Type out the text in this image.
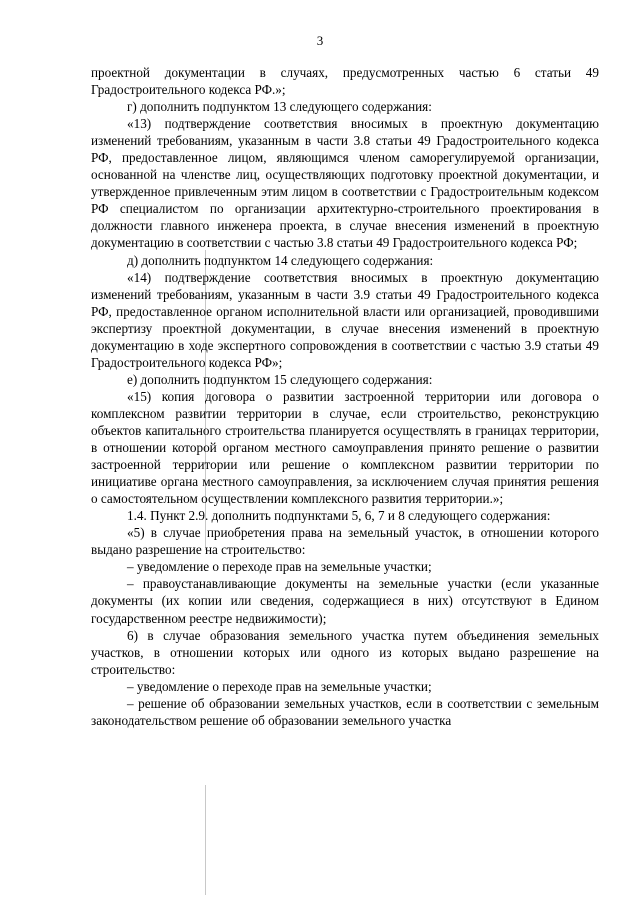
3

проектной документации в случаях, предусмотренных частью 6 статьи 49 Градостроительного кодекса РФ.»;

г) дополнить подпунктом 13 следующего содержания:

«13) подтверждение соответствия вносимых в проектную документацию изменений требованиям, указанным в части 3.8 статьи 49 Градостроительного кодекса РФ, предоставленное лицом, являющимся членом саморегулируемой организации, основанной на членстве лиц, осуществляющих подготовку проектной документации, и утвержденное привлеченным этим лицом в соответствии с Градостроительным кодексом РФ специалистом по организации архитектурно-строительного проектирования в должности главного инженера проекта, в случае внесения изменений в проектную документацию в соответствии с частью 3.8 статьи 49 Градостроительного кодекса РФ;

д) дополнить подпунктом 14 следующего содержания:

«14) подтверждение соответствия вносимых в проектную документацию изменений требованиям, указанным в части 3.9 статьи 49 Градостроительного кодекса РФ, предоставленное органом исполнительной власти или организацией, проводившими экспертизу проектной документации, в случае внесения изменений в проектную документацию в ходе экспертного сопровождения в соответствии с частью 3.9 статьи 49 Градостроительного кодекса РФ»;

е) дополнить подпунктом 15 следующего содержания:

«15) копия договора о развитии застроенной территории или договора о комплексном развитии территории в случае, если строительство, реконструкцию объектов капитального строительства планируется осуществлять в границах территории, в отношении которой органом местного самоуправления принято решение о развитии застроенной территории или решение о комплексном развитии территории по инициативе органа местного самоуправления, за исключением случая принятия решения о самостоятельном осуществлении комплексного развития территории.»;

1.4. Пункт 2.9. дополнить подпунктами 5, 6, 7 и 8 следующего содержания:

«5) в случае приобретения права на земельный участок, в отношении которого выдано разрешение на строительство:

– уведомление о переходе прав на земельные участки;

– правоустанавливающие документы на земельные участки (если указанные документы (их копии или сведения, содержащиеся в них) отсутствуют в Едином государственном реестре недвижимости);

6) в случае образования земельного участка путем объединения земельных участков, в отношении которых или одного из которых выдано разрешение на строительство:

– уведомление о переходе прав на земельные участки;

– решение об образовании земельных участков, если в соответствии с земельным законодательством решение об образовании земельного участка
